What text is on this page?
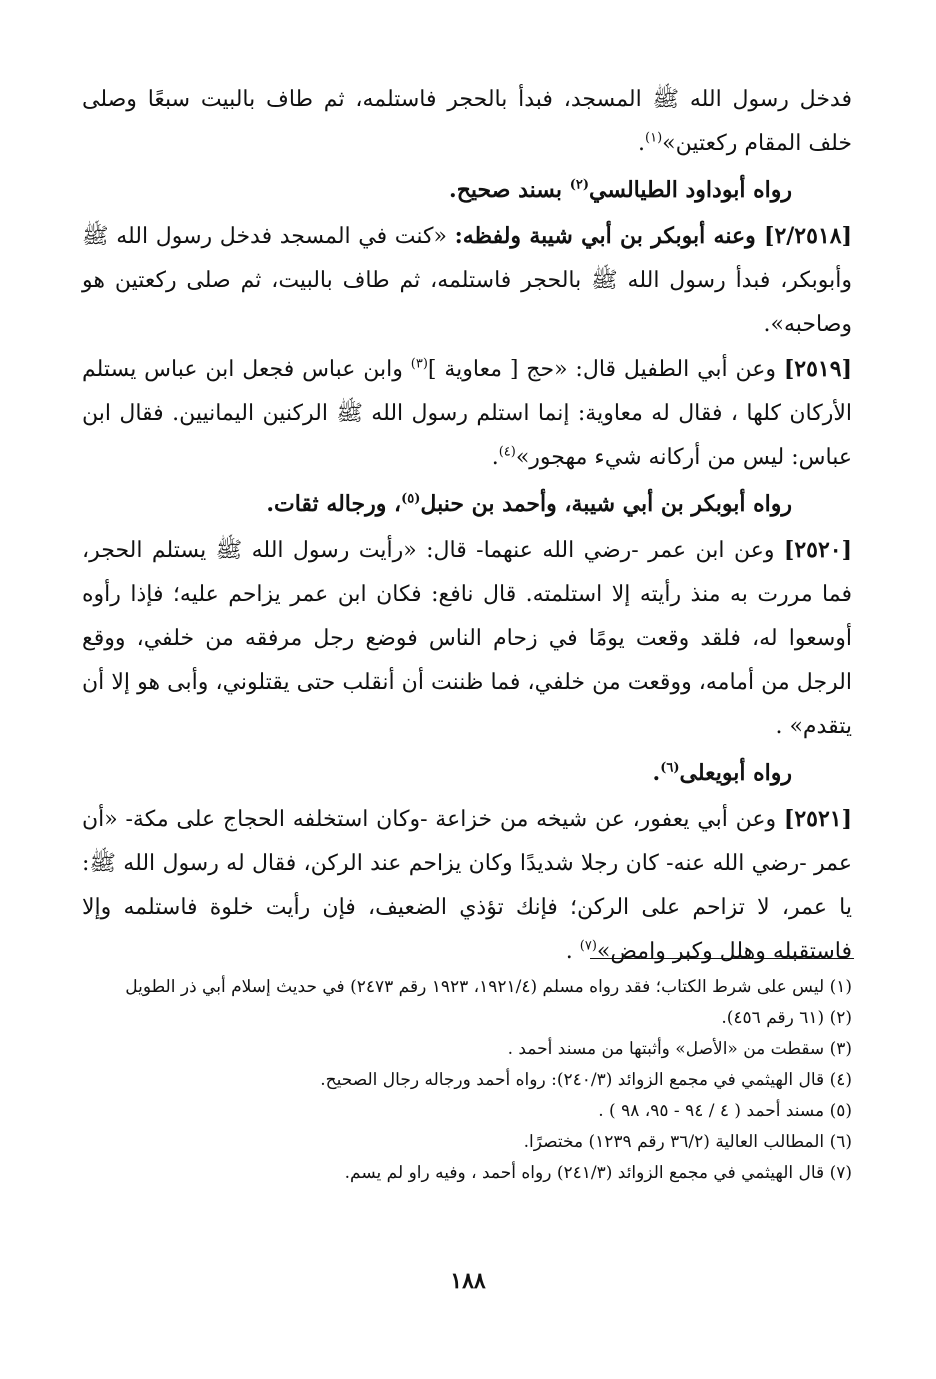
فدخل رسول الله ﷺ المسجد، فبدأ بالحجر فاستلمه، ثم طاف بالبيت سبعًا وصلى خلف المقام ركعتين»$^{(١)}$.

رواه أبوداود الطيالسي$^{(٢)}$ بسند صحيح.

[٢/٢٥١٨] وعنه أبوبكر بن أبي شيبة ولفظه: «كنت في المسجد فدخل رسول الله ﷺ وأبوبكر، فبدأ رسول الله ﷺ بالحجر فاستلمه، ثم طاف بالبيت، ثم صلى ركعتين هو وصاحبه».

[٢٥١٩] وعن أبي الطفيل قال: «حج [ معاوية ]$^{(٣)}$ وابن عباس فجعل ابن عباس يستلم الأركان كلها ، فقال له معاوية: إنما استلم رسول الله ﷺ الركنين اليمانيين. فقال ابن عباس: ليس من أركانه شيء مهجور»$^{(٤)}$.

رواه أبوبكر بن أبي شيبة، وأحمد بن حنبل$^{(٥)}$، ورجاله ثقات.

[٢٥٢٠] وعن ابن عمر -رضي الله عنهما- قال: «رأيت رسول الله ﷺ يستلم الحجر، فما مررت به منذ رأيته إلا استلمته. قال نافع: فكان ابن عمر يزاحم عليه؛ فإذا رأوه أوسعوا له، فلقد وقعت يومًا في زحام الناس فوضع رجل مرفقه من خلفي، ووقع الرجل من أمامه، ووقعت من خلفي، فما ظننت أن أنقلب حتى يقتلوني، وأبى هو إلا أن يتقدم» .

رواه أبويعلى$^{(٦)}$.

[٢٥٢١] وعن أبي يعفور، عن شيخه من خزاعة -وكان استخلفه الحجاج على مكة- «أن عمر -رضي الله عنه- كان رجلا شديدًا وكان يزاحم عند الركن، فقال له رسول الله ﷺ: يا عمر، لا تزاحم على الركن؛ فإنك تؤذي الضعيف، فإن رأيت خلوة فاستلمه وإلا فاستقبله وهلل وكبر وامض»$^{(٧)}$ .

(١) ليس على شرط الكتاب؛ فقد رواه مسلم (١٩٢١/٤، ١٩٢٣ رقم ٢٤٧٣) في حديث إسلام أبي ذر الطويل

(٢) (٦١ رقم ٤٥٦).

(٣) سقطت من «الأصل» وأثبتها من مسند أحمد .

(٤) قال الهيثمي في مجمع الزوائد (٢٤٠/٣): رواه أحمد ورجاله رجال الصحيح.

(٥) مسند أحمد ( ٤ / ٩٤ - ٩٥، ٩٨ ) .

(٦) المطالب العالية (٣٦/٢ رقم ١٢٣٩) مختصرًا.

(٧) قال الهيثمي في مجمع الزوائد (٢٤١/٣) رواه أحمد ، وفيه راو لم يسم.

١٨٨
